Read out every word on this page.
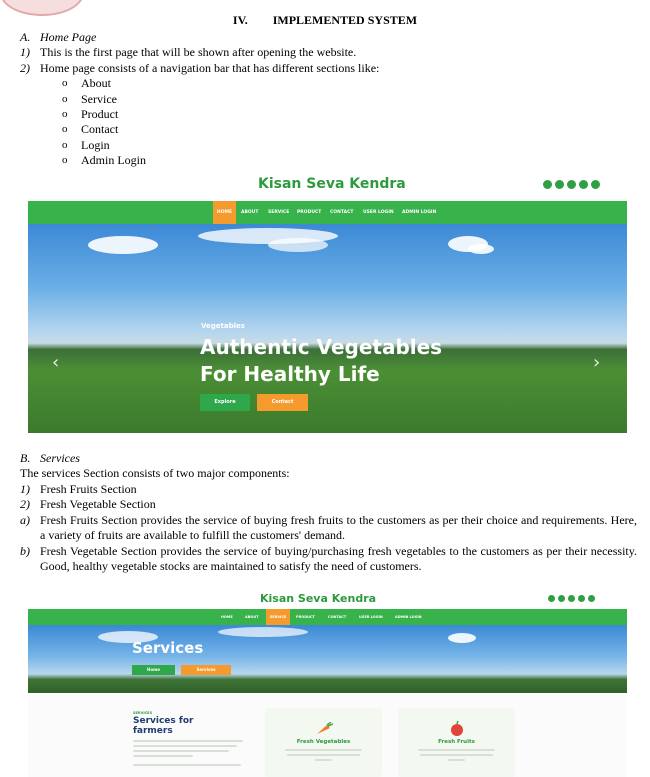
IV. IMPLEMENTED SYSTEM
A. Home Page
1) This is the first page that will be shown after opening the website.
2) Home page consists of a navigation bar that has different sections like:
o About
o Service
o Product
o Contact
o Login
o Admin Login
Kisan Seva Kendra
HOME	ABOUT SERVICE PRODUCT CONTACT USER LOGIN ADMIN LOGIN
Vegetables
Authentic Vegetables
For Healthy Life
Explore	Contact
‹	›
B. Services
The services Section consists of two major components:
1) Fresh Fruits Section
2) Fresh Vegetable Section
a) Fresh Fruits Section provides the service of buying fresh fruits to the customers as per their choice and requirements. Here, a variety of fruits are available to fulfill the customers' demand.
b) Fresh Vegetable Section provides the service of buying/purchasing fresh vegetables to the customers as per their necessity. Good, healthy vegetable stocks are maintained to satisfy the need of customers.
Kisan Seva Kendra
HOME	ABOUT	SERVICE	PRODUCT	CONTACT	USER LOGIN	ADMIN LOGIN
Services
Home	Services
SERVICES
Services for
farmers
Fresh Vegetables	Fresh Fruits
